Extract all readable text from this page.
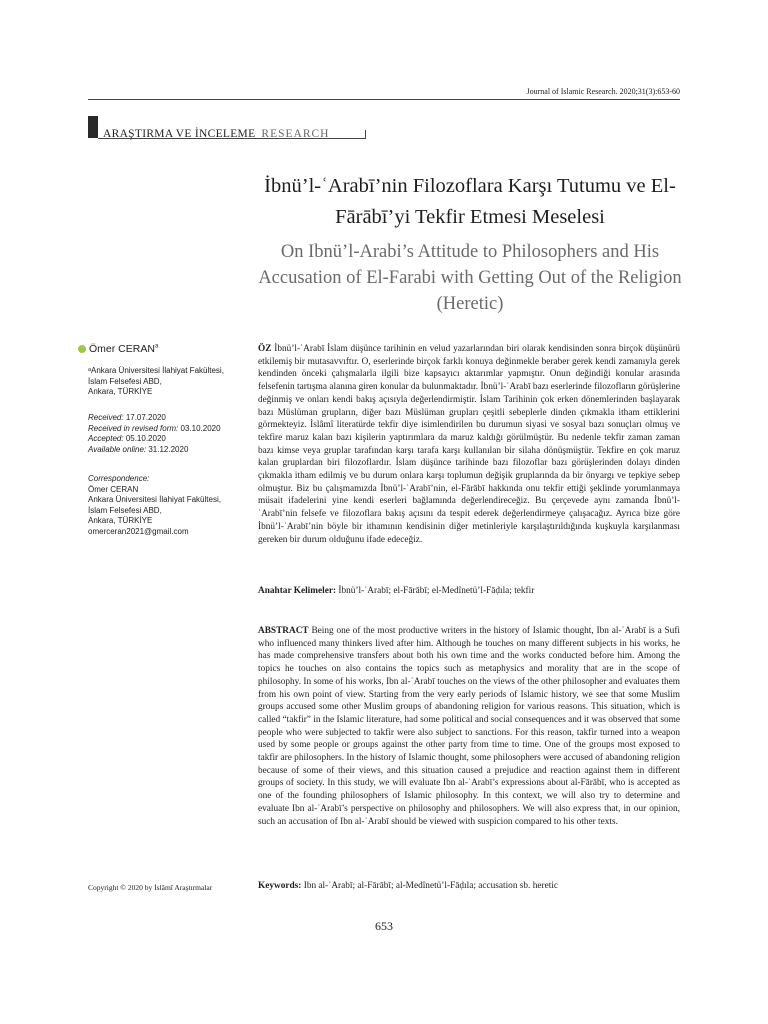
Journal of Islamic Research. 2020;31(3):653-60
ARAŞTIRMA VE İNCELEME RESEARCH
İbnü’l-ʿArabī’nin Filozoflara Karşı Tutumu ve El-Fārābī’yi Tekfir Etmesi Meselesi
On Ibnü’l-Arabi’s Attitude to Philosophers and His Accusation of El-Farabi with Getting Out of the Religion (Heretic)
Ömer CERAN$^a$
ᵃAnkara Üniversitesi İlahiyat Fakültesi,
İslam Felsefesi ABD,
Ankara, TÜRKİYE
Received: 17.07.2020
Received in revised form: 03.10.2020
Accepted: 05.10.2020
Available online: 31.12.2020
Correspondence:
Ömer CERAN
Ankara Üniversitesi İlahiyat Fakültesi,
İslam Felsefesi ABD,
Ankara, TÜRKİYE
omerceran2021@gmail.com
Copyright © 2020 by İslâmî Araştırmalar
ÖZ İbnü’l-ʿArabī İslam düşünce tarihinin en velud yazarlarından biri olarak kendisinden sonra birçok düşünürü etkilemiş bir mutasavvıftır. O, eserlerinde birçok farklı konuya değinmekle beraber gerek kendi zamanıyla gerek kendinden önceki çalışmalarla ilgili bize kapsayıcı aktarımlar yapmıştır. Onun değindiği konular arasında felsefenin tartışma alanına giren konular da bulunmaktadır. İbnü’l-ʿArabī bazı eserlerinde filozofların görüşlerine değinmiş ve onları kendi bakış açısıyla değerlendirmiştir. İslam Tarihinin çok erken dönemlerinden başlayarak bazı Müslüman grupların, diğer bazı Müslüman grupları çeşitli sebeplerle dinden çıkmakla itham ettiklerini görmekteyiz. İslâmî literatürde tekfir diye isimlendirilen bu durumun siyasi ve sosyal bazı sonuçları olmuş ve tekfire maruz kalan bazı kişilerin yaptırımlara da maruz kaldığı görülmüştür. Bu nedenle tekfir zaman zaman bazı kimse veya gruplar tarafından karşı tarafa karşı kullanılan bir silaha dönüşmüştür. Tekfire en çok maruz kalan gruplardan biri filozoflardır. İslam düşünce tarihinde bazı filozoflar bazı görüşlerinden dolayı dinden çıkmakla itham edilmiş ve bu durum onlara karşı toplumun değişik gruplarında da bir önyargı ve tepkiye sebep olmuştur. Biz bu çalışmamızda İbnü’l-ʿArabī’nin, el-Fārābī hakkında onu tekfir ettiği şeklinde yorumlanmaya müsait ifadelerini yine kendi eserleri bağlamında değerlendireceğiz. Bu çerçevede aynı zamanda İbnü’l-ʿArabī’nin felsefe ve filozoflara bakış açısını da tespit ederek değerlendirmeye çalışacağız. Ayrıca bize göre İbnü’l-ʿArabī’nin böyle bir ithamının kendisinin diğer metinleriyle karşılaştırıldığında kuşkuyla karşılanması gereken bir durum olduğunu ifade edeceğiz.
Anahtar Kelimeler: İbnü’l-ʿArabī; el-Fārābī; el-Medînetü’l-Fāḍıla; tekfir
ABSTRACT Being one of the most productive writers in the history of Islamic thought, Ibn al-ʿArabī is a Sufi who influenced many thinkers lived after him. Although he touches on many different subjects in his works, he has made comprehensive transfers about both his own time and the works conducted before him. Among the topics he touches on also contains the topics such as metaphysics and morality that are in the scope of philosophy. In some of his works, Ibn al-ʿArabī touches on the views of the other philosopher and evaluates them from his own point of view. Starting from the very early periods of Islamic history, we see that some Muslim groups accused some other Muslim groups of abandoning religion for various reasons. This situation, which is called “takfir” in the Islamic literature, had some political and social consequences and it was observed that some people who were subjected to takfir were also subject to sanctions. For this reason, takfir turned into a weapon used by some people or groups against the other party from time to time. One of the groups most exposed to takfir are philosophers. In the history of Islamic thought, some philosophers were accused of abandoning religion because of some of their views, and this situation caused a prejudice and reaction against them in different groups of society. In this study, we will evaluate Ibn al-ʿArabī’s expressions about al-Fārābī, who is accepted as one of the founding philosophers of Islamic philosophy. In this context, we will also try to determine and evaluate Ibn al-ʿArabī’s perspective on philosophy and philosophers. We will also express that, in our opinion, such an accusation of Ibn al-ʿArabī should be viewed with suspicion compared to his other texts.
Keywords: Ibn al-ʿArabī; al-Fārābī; al-Medînetü’l-Fāḍıla; accusation sb. heretic
653
